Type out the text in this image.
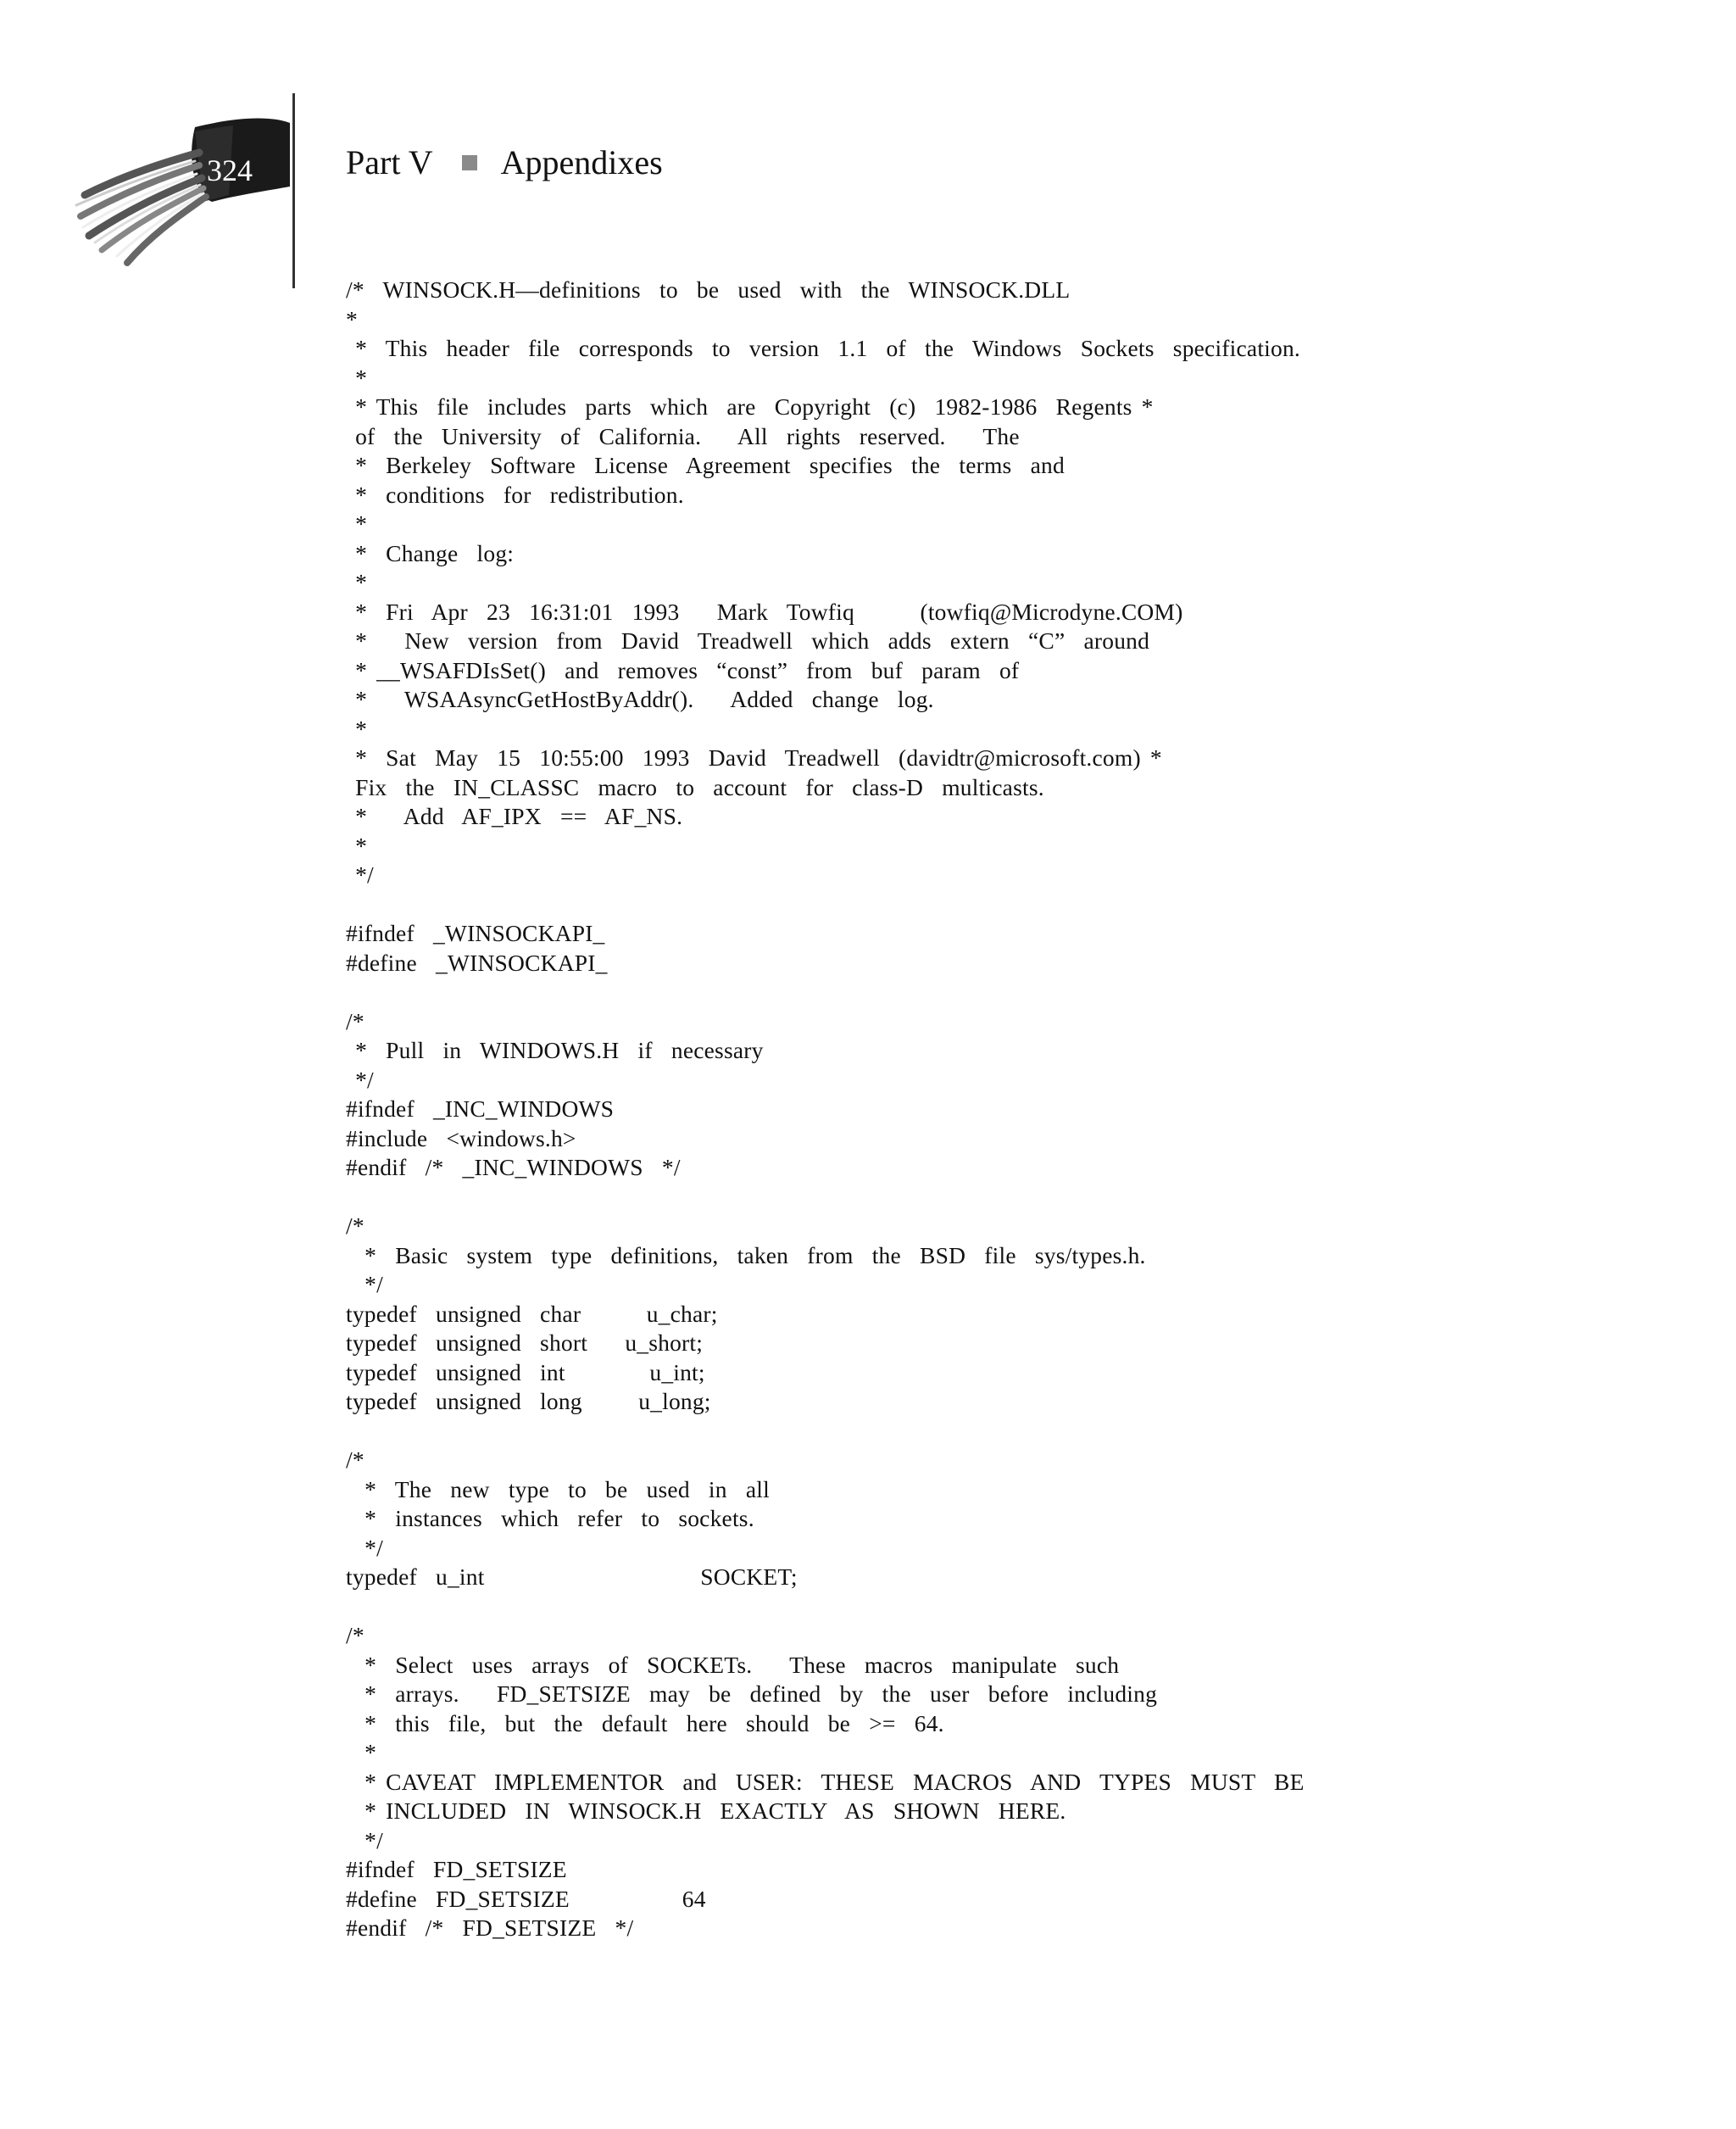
324	Part V Appendixes
/*  WINSOCK.H—definitions  to  be  used  with  the  WINSOCK.DLL
*
*  This  header  file  corresponds  to  version  1.1  of  the  Windows  Sockets  specification.
*
* This  file  includes  parts  which  are  Copyright  (c)  1982-1986  Regents *
of  the  University  of  California.    All  rights  reserved.    The
*  Berkeley  Software  License  Agreement  specifies  the  terms  and
*  conditions  for  redistribution.
*
*  Change  log:
*
*  Fri  Apr  23  16:31:01  1993    Mark  Towfiq       (towfiq@Microdyne.COM)
*    New  version  from  David  Treadwell  which  adds  extern  “C”  around
* __WSAFDIsSet()  and  removes  “const”  from  buf  param  of
*    WSAAsyncGetHostByAddr().    Added  change  log.
*
*  Sat  May  15  10:55:00  1993  David  Treadwell  (davidtr@microsoft.com) *
Fix  the  IN_CLASSC  macro  to  account  for  class-D  multicasts.
*    Add  AF_IPX  ==  AF_NS.
*
*/
#ifndef  _WINSOCKAPI_
#define  _WINSOCKAPI_
/*
*  Pull  in  WINDOWS.H  if  necessary
*/
#ifndef  _INC_WINDOWS
#include  <windows.h>
#endif  /*  _INC_WINDOWS  */
/*
*  Basic  system  type  definitions,  taken  from  the  BSD  file  sys/types.h.
*/
typedef  unsigned  char       u_char;
typedef  unsigned  short    u_short;
typedef  unsigned  int         u_int;
typedef  unsigned  long      u_long;
/*
*  The  new  type  to  be  used  in  all
*  instances  which  refer  to  sockets.
*/
typedef  u_int                       SOCKET;
/*
*  Select  uses  arrays  of  SOCKETs.    These  macros  manipulate  such
*  arrays.    FD_SETSIZE  may  be  defined  by  the  user  before  including
*  this  file,  but  the  default  here  should  be  >=  64.
*
* CAVEAT  IMPLEMENTOR  and  USER:  THESE  MACROS  AND  TYPES  MUST  BE
* INCLUDED  IN  WINSOCK.H  EXACTLY  AS  SHOWN  HERE.
*/
#ifndef  FD_SETSIZE
#define  FD_SETSIZE            64
#endif  /*  FD_SETSIZE  */
